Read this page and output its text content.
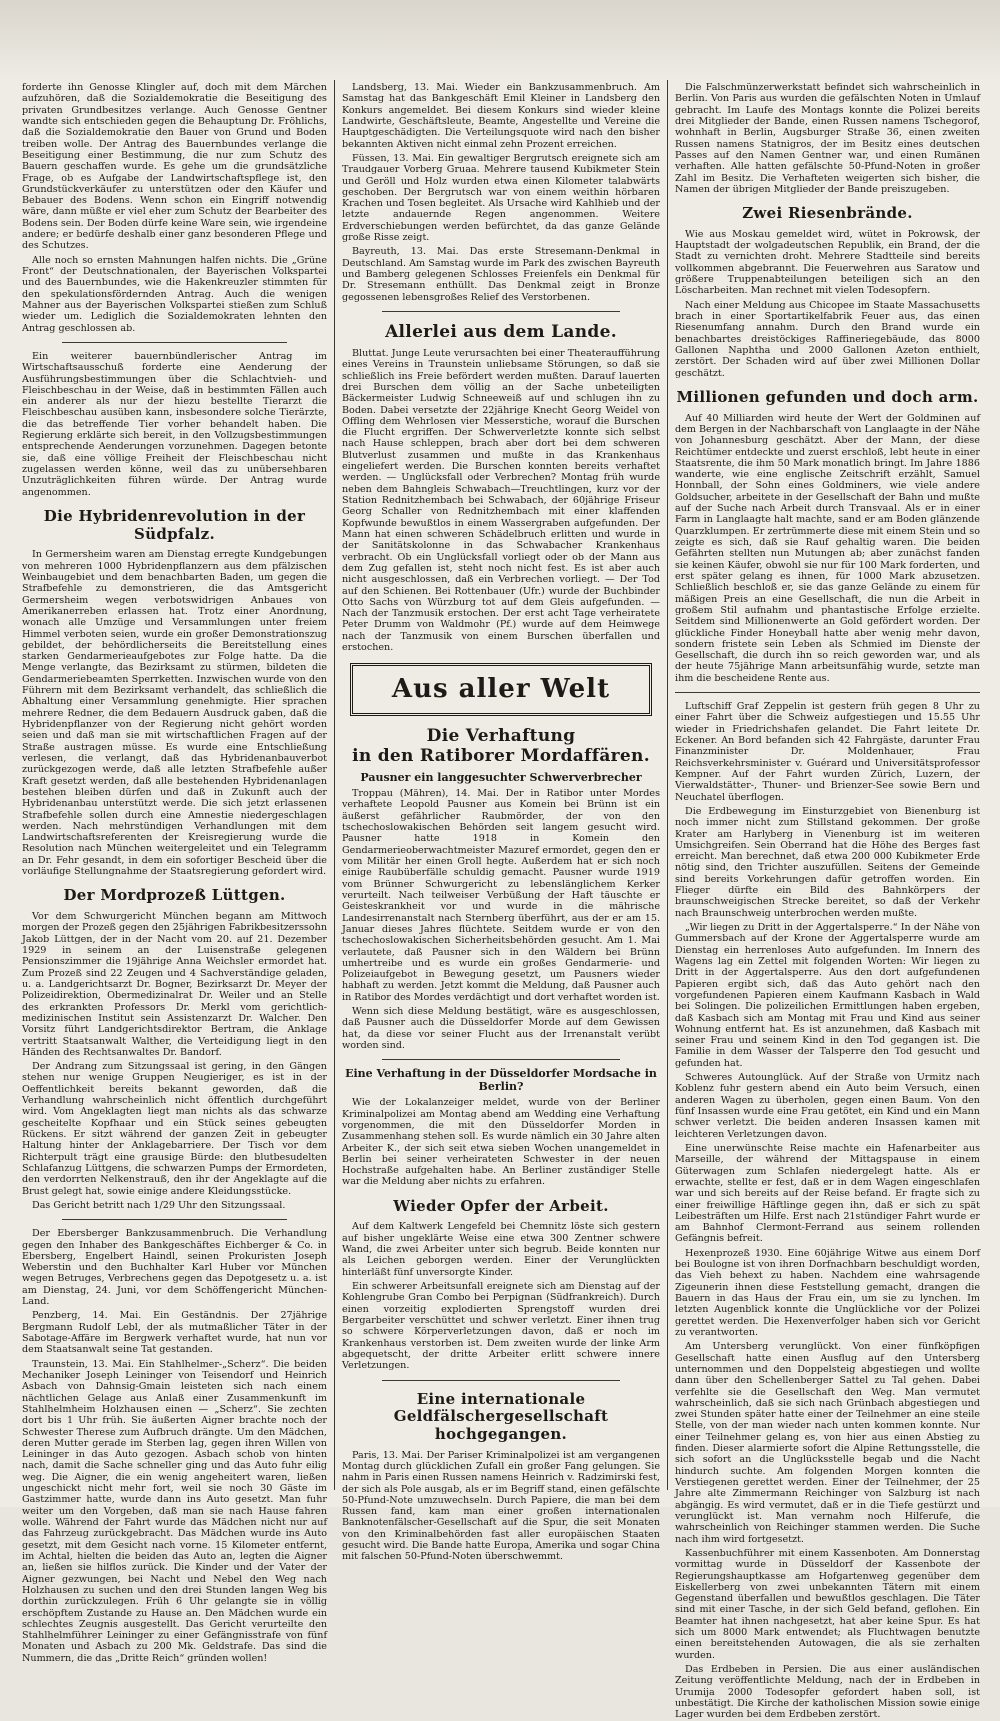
forderte ihn Genosse Klingler auf, doch mit dem Märchen aufzuhören, daß die Sozialdemokratie die Beseitigung des privaten Grundbesitzes verlange. Auch Genosse Gentner wandte sich entschieden gegen die Behauptung Dr. Fröhlichs, daß die Sozialdemokratie den Bauer von Grund und Boden treiben wolle. Der Antrag des Bauernbundes verlange die Beseitigung einer Bestimmung, die nur zum Schutz des Bauern geschaffen wurde. Es gehe um die grundsätzliche Frage, ob es Aufgabe der Landwirtschaftspflege ist, den Grundstückverkäufer zu unterstützen oder den Käufer und Bebauer des Bodens. Wenn schon ein Eingriff notwendig wäre, dann müßte er viel eher zum Schutz der Bearbeiter des Bodens sein. Der Boden dürfe keine Ware sein, wie irgendeine andere; er bedürfe deshalb einer ganz besonderen Pflege und des Schutzes.

Alle noch so ernsten Mahnungen halfen nichts. Die „Grüne Front“ der Deutschnationalen, der Bayerischen Volkspartei und des Bauernbundes, wie die Hakenkreuzler stimmten für den spekulationsfördernden Antrag. Auch die wenigen Mahner aus der Bayerischen Volkspartei stießen zum Schluß wieder um. Lediglich die Sozialdemokraten lehnten den Antrag geschlossen ab.

Ein weiterer bauernbündlerischer Antrag im Wirtschaftsausschuß forderte eine Aenderung der Ausführungsbestimmungen über die Schlachtvieh- und Fleischbeschau in der Weise, daß in bestimmten Fällen auch ein anderer als nur der hiezu bestellte Tierarzt die Fleischbeschau ausüben kann, insbesondere solche Tierärzte, die das betreffende Tier vorher behandelt haben. Die Regierung erklärte sich bereit, in den Vollzugsbestimmungen entsprechende Aenderungen vorzunehmen. Dagegen betonte sie, daß eine völlige Freiheit der Fleischbeschau nicht zugelassen werden könne, weil das zu unübersehbaren Unzuträglichkeiten führen würde. Der Antrag wurde angenommen.

Die Hybridenrevolution in der Südpfalz.

In Germersheim waren am Dienstag erregte Kundgebungen von mehreren 1000 Hybridenpflanzern aus dem pfälzischen Weinbaugebiet und dem benachbarten Baden, um gegen die Strafbefehle zu demonstrieren, die das Amtsgericht Germersheim wegen verbotswidrigen Anbaues von Amerikanerreben erlassen hat. Trotz einer Anordnung, wonach alle Umzüge und Versammlungen unter freiem Himmel verboten seien, wurde ein großer Demonstrationszug gebildet, der behördlicherseits die Bereitstellung eines starken Gendarmerieaufgebotes zur Folge hatte. Da die Menge verlangte, das Bezirksamt zu stürmen, bildeten die Gendarmeriebeamten Sperrketten. Inzwischen wurde von den Führern mit dem Bezirksamt verhandelt, das schließlich die Abhaltung einer Versammlung genehmigte. Hier sprachen mehrere Redner, die dem Bedauern Ausdruck gaben, daß die Hybridenpflanzer von der Regierung nicht gehört worden seien und daß man sie mit wirtschaftlichen Fragen auf der Straße austragen müsse. Es wurde eine Entschließung verlesen, die verlangt, daß das Hybridenanbauverbot zurückgezogen werde, daß alle letzten Strafbefehle außer Kraft gesetzt werden, daß alle bestehenden Hybridenanlagen bestehen bleiben dürfen und daß in Zukunft auch der Hybridenanbau unterstützt werde. Die sich jetzt erlassenen Strafbefehle sollen durch eine Amnestie niedergeschlagen werden. Nach mehrstündigen Verhandlungen mit dem Landwirtschaftsreferenten der Kreisregierung wurde die Resolution nach München weitergeleitet und ein Telegramm an Dr. Fehr gesandt, in dem ein sofortiger Bescheid über die vorläufige Stellungnahme der Staatsregierung gefordert wird.

Der Mordprozeß Lüttgen.

Vor dem Schwurgericht München begann am Mittwoch morgen der Prozeß gegen den 25jährigen Fabrikbesitzerssohn Jakob Lüttgen, der in der Nacht vom 20. auf 21. Dezember 1929 in seinem an der Luisenstraße gelegenen Pensionszimmer die 19jährige Anna Weichsler ermordet hat. Zum Prozeß sind 22 Zeugen und 4 Sachverständige geladen, u. a. Landgerichtsarzt Dr. Bogner, Bezirksarzt Dr. Meyer der Polizeidirektion, Obermedizinalrat Dr. Weiler und an Stelle des erkrankten Professors Dr. Merkl vom gerichtlich-medizinischen Institut sein Assistenzarzt Dr. Walcher. Den Vorsitz führt Landgerichtsdirektor Bertram, die Anklage vertritt Staatsanwalt Walther, die Verteidigung liegt in den Händen des Rechtsanwaltes Dr. Bandorf.

Der Andrang zum Sitzungssaal ist gering, in den Gängen stehen nur wenige Gruppen Neugieriger, es ist in der Oeffentlichkeit bereits bekannt geworden, daß die Verhandlung wahrscheinlich nicht öffentlich durchgeführt wird. Vom Angeklagten liegt man nichts als das schwarze gescheitelte Kopfhaar und ein Stück seines gebeugten Rückens. Er sitzt während der ganzen Zeit in gebeugter Haltung hinter der Anklagebarriere. Der Tisch vor dem Richterpult trägt eine grausige Bürde: den blutbesudelten Schlafanzug Lüttgens, die schwarzen Pumps der Ermordeten, den verdorrten Nelkenstrauß, den ihr der Angeklagte auf die Brust gelegt hat, sowie einige andere Kleidungsstücke.

Das Gericht betritt nach 1/29 Uhr den Sitzungssaal.

Der Ebersberger Bankzusammenbruch. Die Verhandlung gegen den Inhaber des Bankgeschäftes Eichberger & Co. in Ebersberg, Engelbert Haindl, seinen Prokuristen Joseph Weberstin und den Buchhalter Karl Huber vor München wegen Betruges, Verbrechens gegen das Depotgesetz u. a. ist am Dienstag, 24. Juni, vor dem Schöffengericht München-Land.

Penzberg, 14. Mai. Ein Geständnis. Der 27jährige Bergmann Rudolf Lebl, der als mutmaßlicher Täter in der Sabotage-Affäre im Bergwerk verhaftet wurde, hat nun vor dem Staatsanwalt seine Tat gestanden.

Traunstein, 13. Mai. Ein Stahlhelmer-„Scherz“. Die beiden Mechaniker Joseph Leininger von Teisendorf und Heinrich Asbach von Dahnsig-Gmain leisteten sich nach einem nächtlichen Gelage aus Anlaß einer Zusammenkunft im Stahlhelmheim Holzhausen einen — „Scherz“. Sie zechten dort bis 1 Uhr früh. Sie äußerten Aigner brachte noch der Schwester Therese zum Aufbruch drängte. Um den Mädchen, deren Mutter gerade im Sterben lag, gegen ihren Willen von Leininger in das Auto gezogen. Asbach schob von hinten nach, damit die Sache schneller ging und das Auto fuhr eilig weg. Die Aigner, die ein wenig angeheitert waren, ließen ungeschickt nicht mehr fort, weil sie noch 30 Gäste im Gastzimmer hatte, wurde dann ins Auto gesetzt. Man fuhr weiter um den Vorgeben, daß man sie nach Hause fahren wolle. Während der Fahrt wurde das Mädchen nicht nur auf das Fahrzeug zurückgebracht. Das Mädchen wurde ins Auto gesetzt, mit dem Gesicht nach vorne. 15 Kilometer entfernt, im Achtal, hielten die beiden das Auto an, legten die Aigner an, ließen sie hilflos zurück. Die Kinder und der Vater der Aigner gezwungen, bei Nacht und Nebel den Weg nach Holzhausen zu suchen und den drei Stunden langen Weg bis dorthin zurückzulegen. Früh 6 Uhr gelangte sie in völlig erschöpftem Zustande zu Hause an. Den Mädchen wurde ein schlechtes Zeugnis ausgestellt. Das Gericht verurteilte den Stahlhelmführer Leininger zu einer Gefängnisstrafe von fünf Monaten und Asbach zu 200 Mk. Geldstrafe. Das sind die Nummern, die das „Dritte Reich“ gründen wollen!

Landsberg, 13. Mai. Wieder ein Bankzusammenbruch. Am Samstag hat das Bankgeschäft Emil Kleiner in Landsberg den Konkurs angemeldet. Bei diesem Konkurs sind wieder kleine Landwirte, Geschäftsleute, Beamte, Angestellte und Vereine die Hauptgeschädigten. Die Verteilungsquote wird nach den bisher bekannten Aktiven nicht einmal zehn Prozent erreichen.

Füssen, 13. Mai. Ein gewaltiger Bergrutsch ereignete sich am Traudgauer Vorberg Gruaa. Mehrere tausend Kubikmeter Stein und Geröll und Holz wurden etwa einen Kilometer talabwärts geschoben. Der Bergrutsch war von einem weithin hörbaren Krachen und Tosen begleitet. Als Ursache wird Kahlhieb und der letzte andauernde Regen angenommen. Weitere Erdverschiebungen werden befürchtet, da das ganze Gelände große Risse zeigt.

Bayreuth, 13. Mai. Das erste Stresemann-Denkmal in Deutschland. Am Samstag wurde im Park des zwischen Bayreuth und Bamberg gelegenen Schlosses Freienfels ein Denkmal für Dr. Stresemann enthüllt. Das Denkmal zeigt in Bronze gegossenen lebensgroßes Relief des Verstorbenen.

Allerlei aus dem Lande.

Bluttat. Junge Leute verursachten bei einer Theateraufführung eines Vereins in Traunstein unliebsame Störungen, so daß sie schließlich ins Freie befördert werden mußten. Darauf lauerten drei Burschen dem völlig an der Sache unbeteiligten Bäckermeister Ludwig Schneeweiß auf und schlugen ihn zu Boden. Dabei versetzte der 22jährige Knecht Georg Weidel von Offling dem Wehrlosen vier Messerstiche, worauf die Burschen die Flucht ergriffen. Der Schwerverletzte konnte sich selbst nach Hause schleppen, brach aber dort bei dem schweren Blutverlust zusammen und mußte in das Krankenhaus eingeliefert werden. Die Burschen konnten bereits verhaftet werden. — Unglücksfall oder Verbrechen? Montag früh wurde neben dem Bahngleis Schwabach—Treuchtlingen, kurz vor der Station Rednitzhembach bei Schwabach, der 60jährige Friseur Georg Schaller von Rednitzhembach mit einer klaffenden Kopfwunde bewußtlos in einem Wassergraben aufgefunden. Der Mann hat einen schweren Schädelbruch erlitten und wurde in der Sanitätskolonne in das Schwabacher Krankenhaus verbracht. Ob ein Unglücksfall vorliegt oder ob der Mann aus dem Zug gefallen ist, steht noch nicht fest. Es ist aber auch nicht ausgeschlossen, daß ein Verbrechen vorliegt. — Der Tod auf den Schienen. Bei Rottenbauer (Ufr.) wurde der Buchbinder Otto Sachs von Würzburg tot auf dem Gleis aufgefunden. — Nach der Tanzmusik erstochen. Der erst acht Tage verheiratete Peter Drumm von Waldmohr (Pf.) wurde auf dem Heimwege nach der Tanzmusik von einem Burschen überfallen und erstochen.

Aus aller Welt
Die Verhaftung
in den Ratiborer Mordaffären.
Pausner ein langgesuchter Schwerverbrecher

Troppau (Mähren), 14. Mai. Der in Ratibor unter Mordes verhaftete Leopold Pausner aus Komein bei Brünn ist ein äußerst gefährlicher Raubmörder, der von den tschechoslowakischen Behörden seit langem gesucht wird. Pausner hatte 1918 in Komein den Gendarmerieoberwachtmeister Mazuref ermordet, gegen den er vom Militär her einen Groll hegte. Außerdem hat er sich noch einige Raubüberfälle schuldig gemacht. Pausner wurde 1919 vom Brünner Schwurgericht zu lebenslänglichem Kerker verurteilt. Nach teilweiser Verbüßung der Haft täuschte er Geisteskrankheit vor und wurde in die mährische Landesirrenanstalt nach Sternberg überführt, aus der er am 15. Januar dieses Jahres flüchtete. Seitdem wurde er von den tschechoslowakischen Sicherheitsbehörden gesucht. Am 1. Mai verlautete, daß Pausner sich in den Wäldern bei Brünn umhertreibe und es wurde ein großes Gendarmerie- und Polizeiaufgebot in Bewegung gesetzt, um Pausners wieder habhaft zu werden. Jetzt kommt die Meldung, daß Pausner auch in Ratibor des Mordes verdächtigt und dort verhaftet worden ist.

Wenn sich diese Meldung bestätigt, wäre es ausgeschlossen, daß Pausner auch die Düsseldorfer Morde auf dem Gewissen hat, da diese vor seiner Flucht aus der Irrenanstalt verübt worden sind.

Eine Verhaftung in der Düsseldorfer Mordsache in Berlin?

Wie der Lokalanzeiger meldet, wurde von der Berliner Kriminalpolizei am Montag abend am Wedding eine Verhaftung vorgenommen, die mit den Düsseldorfer Morden in Zusammenhang stehen soll. Es wurde nämlich ein 30 Jahre alten Arbeiter K., der sich seit etwa sieben Wochen unangemeldet in Berlin bei seiner verheirateten Schwester in der neuen Hochstraße aufgehalten habe. An Berliner zuständiger Stelle war die Meldung aber nichts zu erfahren.

Wieder Opfer der Arbeit.

Auf dem Kaltwerk Lengefeld bei Chemnitz löste sich gestern auf bisher ungeklärte Weise eine etwa 300 Zentner schwere Wand, die zwei Arbeiter unter sich begrub. Beide konnten nur als Leichen geborgen werden. Einer der Verunglückten hinterläßt fünf unversorgte Kinder.

Ein schwerer Arbeitsunfall ereignete sich am Dienstag auf der Kohlengrube Gran Combo bei Perpignan (Südfrankreich). Durch einen vorzeitig explodierten Sprengstoff wurden drei Bergarbeiter verschüttet und schwer verletzt. Einer ihnen trug so schwere Körperverletzungen davon, daß er noch im Krankenhaus verstorben ist. Dem zweiten wurde der linke Arm abgequetscht, der dritte Arbeiter erlitt schwere innere Verletzungen.

Eine internationale Geldfälschergesellschaft
hochgegangen.

Paris, 13. Mai. Der Pariser Kriminalpolizei ist am vergangenen Montag durch glücklichen Zufall ein großer Fang gelungen. Sie nahm in Paris einen Russen namens Heinrich v. Radzimirski fest, der sich als Pole ausgab, als er im Begriff stand, einen gefälschte 50-Pfund-Note umzuwechseln. Durch Papiere, die man bei dem Russen fand, kam man einer großen internationalen Banknotenfälscher-Gesellschaft auf die Spur, die seit Monaten von den Kriminalbehörden fast aller europäischen Staaten gesucht wird. Die Bande hatte Europa, Amerika und sogar China mit falschen 50-Pfund-Noten überschwemmt.

Die Falschmünzerwerkstatt befindet sich wahrscheinlich in Berlin. Von Paris aus wurden die gefälschten Noten in Umlauf gebracht. Im Laufe des Montags konnte die Polizei bereits drei Mitglieder der Bande, einen Russen namens Tschegorof, wohnhaft in Berlin, Augsburger Straße 36, einen zweiten Russen namens Statnigros, der im Besitz eines deutschen Passes auf den Namen Gentner war, und einen Rumänen verhaften. Alle hatten gefälschte 50-Pfund-Noten in großer Zahl im Besitz. Die Verhafteten weigerten sich bisher, die Namen der übrigen Mitglieder der Bande preiszugeben.

Zwei Riesenbrände.

Wie aus Moskau gemeldet wird, wütet in Pokrowsk, der Hauptstadt der wolgadeutschen Republik, ein Brand, der die Stadt zu vernichten droht. Mehrere Stadtteile sind bereits vollkommen abgebrannt. Die Feuerwehren aus Saratow und größere Truppenabteilungen beteiligen sich an den Löscharbeiten. Man rechnet mit vielen Todesopfern.

Nach einer Meldung aus Chicopee im Staate Massachusetts brach in einer Sportartikelfabrik Feuer aus, das einen Riesenumfang annahm. Durch den Brand wurde ein benachbartes dreistöckiges Raffineriegebäude, das 8000 Gallonen Naphtha und 2000 Gallonen Azeton enthielt, zerstört. Der Schaden wird auf über zwei Millionen Dollar geschätzt.

Millionen gefunden und doch arm.

Auf 40 Milliarden wird heute der Wert der Goldminen auf dem Bergen in der Nachbarschaft von Langlaagte in der Nähe von Johannesburg geschätzt. Aber der Mann, der diese Reichtümer entdeckte und zuerst erschloß, lebt heute in einer Staatsrente, die ihm 50 Mark monatlich bringt. Im Jahre 1886 wanderte, wie eine englische Zeitschrift erzählt, Samuel Honnball, der Sohn eines Goldminers, wie viele andere Goldsucher, arbeitete in der Gesellschaft der Bahn und mußte auf der Suche nach Arbeit durch Transvaal. Als er in einer Farm in Langlaagte halt machte, sand er am Boden glänzende Quarzklumpen. Er zertrümmerte diese mit einem Stein und so zeigte es sich, daß sie Rauf gehaltig waren. Die beiden Gefährten stellten nun Mutungen ab; aber zunächst fanden sie keinen Käufer, obwohl sie nur für 100 Mark forderten, und erst später gelang es ihnen, für 1000 Mark abzusetzen. Schließlich beschloß er, sie das ganze Gelände zu einem für mäßigen Preis an eine Gesellschaft, die nun die Arbeit in großem Stil aufnahm und phantastische Erfolge erzielte. Seitdem sind Millionenwerte an Gold gefördert worden. Der glückliche Finder Honeyball hatte aber wenig mehr davon, sondern fristete sein Leben als Schmied im Dienste der Gesellschaft, die durch ihn so reich geworden war, und als der heute 75jährige Mann arbeitsunfähig wurde, setzte man ihm die bescheidene Rente aus.

Luftschiff Graf Zeppelin ist gestern früh gegen 8 Uhr zu einer Fahrt über die Schweiz aufgestiegen und 15.55 Uhr wieder in Friedrichshafen gelandet. Die Fahrt leitete Dr. Eckener. An Bord befanden sich 42 Fahrgäste, darunter Frau Finanzminister Dr. Moldenhauer, Frau Reichsverkehrsminister v. Guérard und Universitätsprofessor Kempner. Auf der Fahrt wurden Zürich, Luzern, der Vierwaldstätter-, Thuner- und Brienzer-See sowie Bern und Neuchatel überflogen.

Die Erdbewegung im Einsturzgebiet von Bienenburg ist noch immer nicht zum Stillstand gekommen. Der große Krater am Harlyberg in Vienenburg ist im weiteren Umsichgreifen. Sein Oberrand hat die Höhe des Berges fast erreicht. Man berechnet, daß etwa 200 000 Kubikmeter Erde nötig sind, den Trichter auszufüllen. Seitens der Gemeinde sind bereits Vorkehrungen dafür getroffen worden. Ein Flieger dürfte ein Bild des Bahnkörpers der braunschweigischen Strecke bereitet, so daß der Verkehr nach Braunschweig unterbrochen werden mußte.

„Wir liegen zu Dritt in der Aggertalsperre.“ In der Nähe von Gummersbach auf der Krone der Aggertalsperre wurde am Dienstag ein herrenloses Auto aufgefunden. Im Innern des Wagens lag ein Zettel mit folgenden Worten: Wir liegen zu Dritt in der Aggertalsperre. Aus den dort aufgefundenen Papieren ergibt sich, daß das Auto gehört nach den vorgefundenen Papieren einem Kaufmann Kasbach in Wald bei Solingen. Die polizeilichen Ermittlungen haben ergeben, daß Kasbach sich am Montag mit Frau und Kind aus seiner Wohnung entfernt hat. Es ist anzunehmen, daß Kasbach mit seiner Frau und seinem Kind in den Tod gegangen ist. Die Familie in dem Wasser der Talsperre den Tod gesucht und gefunden hat.

Schweres Autounglück. Auf der Straße von Urmitz nach Koblenz fuhr gestern abend ein Auto beim Versuch, einen anderen Wagen zu überholen, gegen einen Baum. Von den fünf Insassen wurde eine Frau getötet, ein Kind und ein Mann schwer verletzt. Die beiden anderen Insassen kamen mit leichteren Verletzungen davon.

Eine unerwünschte Reise machte ein Hafenarbeiter aus Marseille, der während der Mittagspause in einem Güterwagen zum Schlafen niedergelegt hatte. Als er erwachte, stellte er fest, daß er in dem Wagen eingeschlafen war und sich bereits auf der Reise befand. Er fragte sich zu einer freiwillige Häftlinge gegen ihn, daß er sich zu spät Leibesträften um Hilfe. Erst nach 21stündiger Fahrt wurde er am Bahnhof Clermont-Ferrand aus seinem rollenden Gefängnis befreit.

Hexenprozeß 1930. Eine 60jährige Witwe aus einem Dorf bei Boulogne ist von ihren Dorfnachbarn beschuldigt worden, das Vieh behext zu haben. Nachdem eine wahrsagende Zigeunerin ihnen diese Feststellung gemacht, drangen die Bauern in das Haus der Frau ein, um sie zu lynchen. Im letzten Augenblick konnte die Unglückliche vor der Polizei gerettet werden. Die Hexenverfolger haben sich vor Gericht zu verantworten.

Am Untersberg verunglückt. Von einer fünfköpfigen Gesellschaft hatte einen Ausflug auf den Untersberg unternommen und den Doppelsteig abgestiegen und wollte dann über den Schellenberger Sattel zu Tal gehen. Dabei verfehlte sie die Gesellschaft den Weg. Man vermutet wahrscheinlich, daß sie sich nach Grünbach abgestiegen und zwei Stunden später hatte einer der Teilnehmer an eine steile Stelle, von der man wieder nach unten kommen konnte. Nur einer Teilnehmer gelang es, von hier aus einen Abstieg zu finden. Dieser alarmierte sofort die Alpine Rettungsstelle, die sich sofort an die Unglücksstelle begab und die Nacht hindurch suchte. Am folgenden Morgen konnten die Verstiegenen gerettet werden. Einer der Teilnehmer, der 25 Jahre alte Zimmermann Reichinger von Salzburg ist nach abgängig. Es wird vermutet, daß er in die Tiefe gestürzt und verunglückt ist. Man vernahm noch Hilferufe, die wahrscheinlich von Reichinger stammen werden. Die Suche nach ihm wird fortgesetzt.

Kassenbuchführer mit einem Kassenboten. Am Donnerstag vormittag wurde in Düsseldorf der Kassenbote der Regierungshauptkasse am Hofgartenweg gegenüber dem Eiskellerberg von zwei unbekannten Tätern mit einem Gegenstand überfallen und bewußtlos geschlagen. Die Täter sind mit einer Tasche, in der sich Geld befand, geflohen. Ein Beamter hat ihnen nachgesetzt, hat aber keine Spur. Es hat sich um 8000 Mark entwendet; als Fluchtwagen benutzte einen bereitstehenden Autowagen, die als sie zerhalten wurden.

Das Erdbeben in Persien. Die aus einer ausländischen Zeitung veröffentlichte Meldung, nach der in Erdbeben in Urumija 2000 Todesopfer gefordert haben soll, ist unbestätigt. Die Kirche der katholischen Mission sowie einige Lager wurden bei dem Erdbeben zerstört.
